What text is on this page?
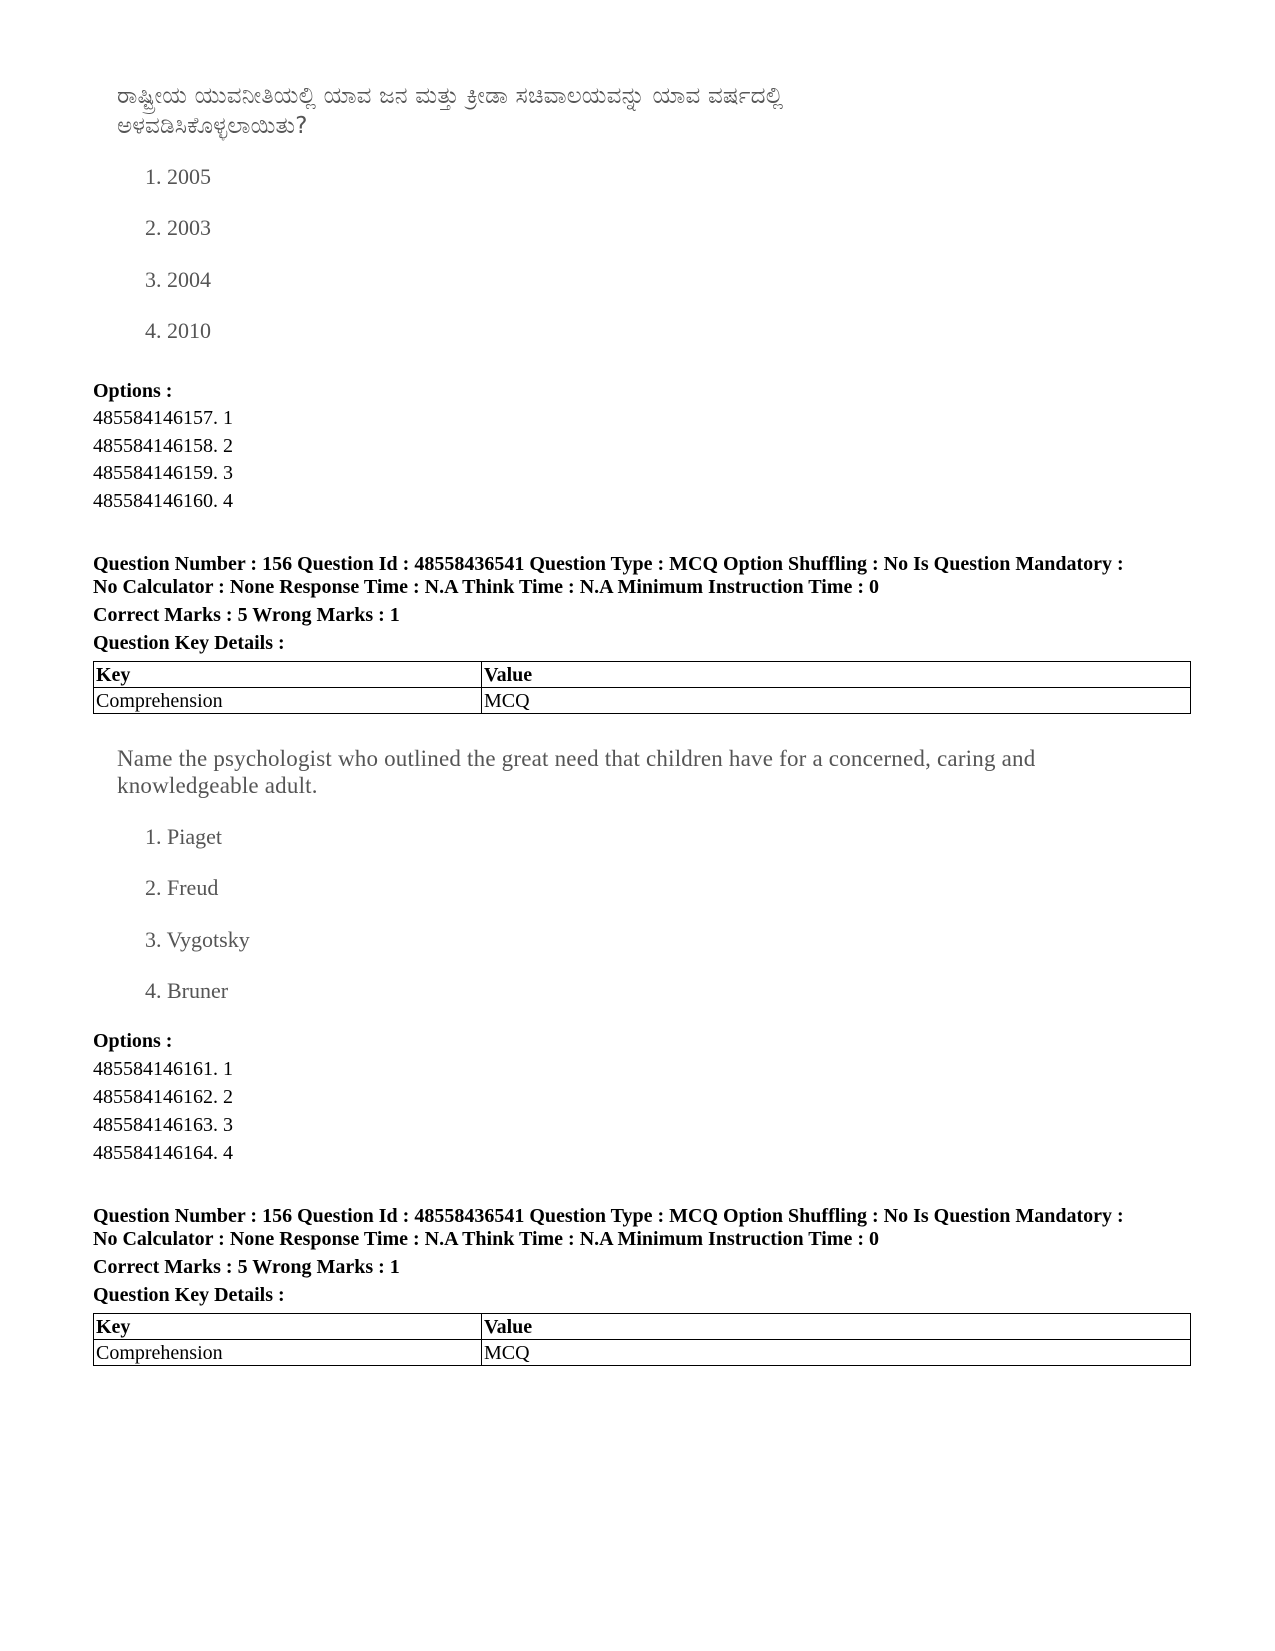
ರಾಷ್ಟ್ರೀಯ ಯುವನೀತಿಯಲ್ಲಿ ಯಾವ ಜನ ಮತ್ತು ಕ್ರೀಡಾ ಸಚಿವಾಲಯವನ್ನು ಯಾವ ವರ್ಷದಲ್ಲಿ
ಅಳವಡಿಸಿಕೊಳ್ಳಲಾಯಿತು?
1. 2005
2. 2003
3. 2004
4. 2010
Options :
485584146157. 1
485584146158. 2
485584146159. 3
485584146160. 4
Question Number : 156 Question Id : 48558436541 Question Type : MCQ Option Shuffling : No Is Question Mandatory :
No Calculator : None Response Time : N.A Think Time : N.A Minimum Instruction Time : 0
Correct Marks : 5 Wrong Marks : 1
Question Key Details :
Key	Value
Comprehension	MCQ
Name the psychologist who outlined the great need that children have for a concerned, caring and
knowledgeable adult.
1. Piaget
2. Freud
3. Vygotsky
4. Bruner
Options :
485584146161. 1
485584146162. 2
485584146163. 3
485584146164. 4
Question Number : 156 Question Id : 48558436541 Question Type : MCQ Option Shuffling : No Is Question Mandatory :
No Calculator : None Response Time : N.A Think Time : N.A Minimum Instruction Time : 0
Correct Marks : 5 Wrong Marks : 1
Question Key Details :
Key	Value
Comprehension	MCQ
